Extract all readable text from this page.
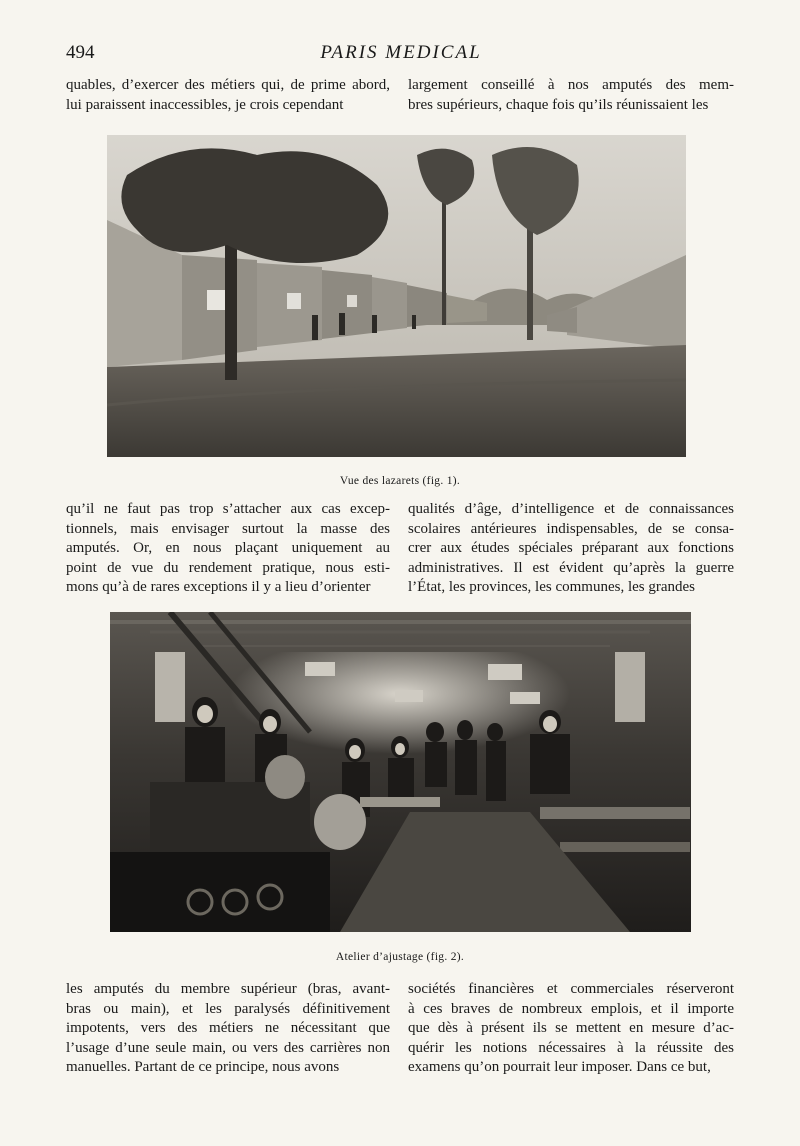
494	PARIS MEDICAL

quables, d’exercer des métiers qui, de prime abord,
lui paraissent inaccessibles, je crois cependant

largement conseillé à nos amputés des mem-
bres supérieurs, chaque fois qu’ils réunissaient les

Vue des lazarets (fig. 1).

qu’il ne faut pas trop s’attacher aux cas excep-
tionnels, mais envisager surtout la masse des
amputés. Or, en nous plaçant uniquement au
point de vue du rendement pratique, nous esti-
mons qu’à de rares exceptions il y a lieu d’orienter

qualités d’âge, d’intelligence et de connaissances
scolaires antérieures indispensables, de se consa-
crer aux études spéciales préparant aux fonctions
administratives. Il est évident qu’après la guerre
l’État, les provinces, les communes, les grandes

Atelier d’ajustage (fig. 2).

les amputés du membre supérieur (bras, avant-
bras ou main), et les paralysés définitivement
impotents, vers des métiers ne nécessitant que
l’usage d’une seule main, ou vers des carrières non
manuelles. Partant de ce principe, nous avons

sociétés financières et commerciales réserveront
à ces braves de nombreux emplois, et il importe
que dès à présent ils se mettent en mesure d’ac-
quérir les notions nécessaires à la réussite des
examens qu’on pourrait leur imposer. Dans ce but,
